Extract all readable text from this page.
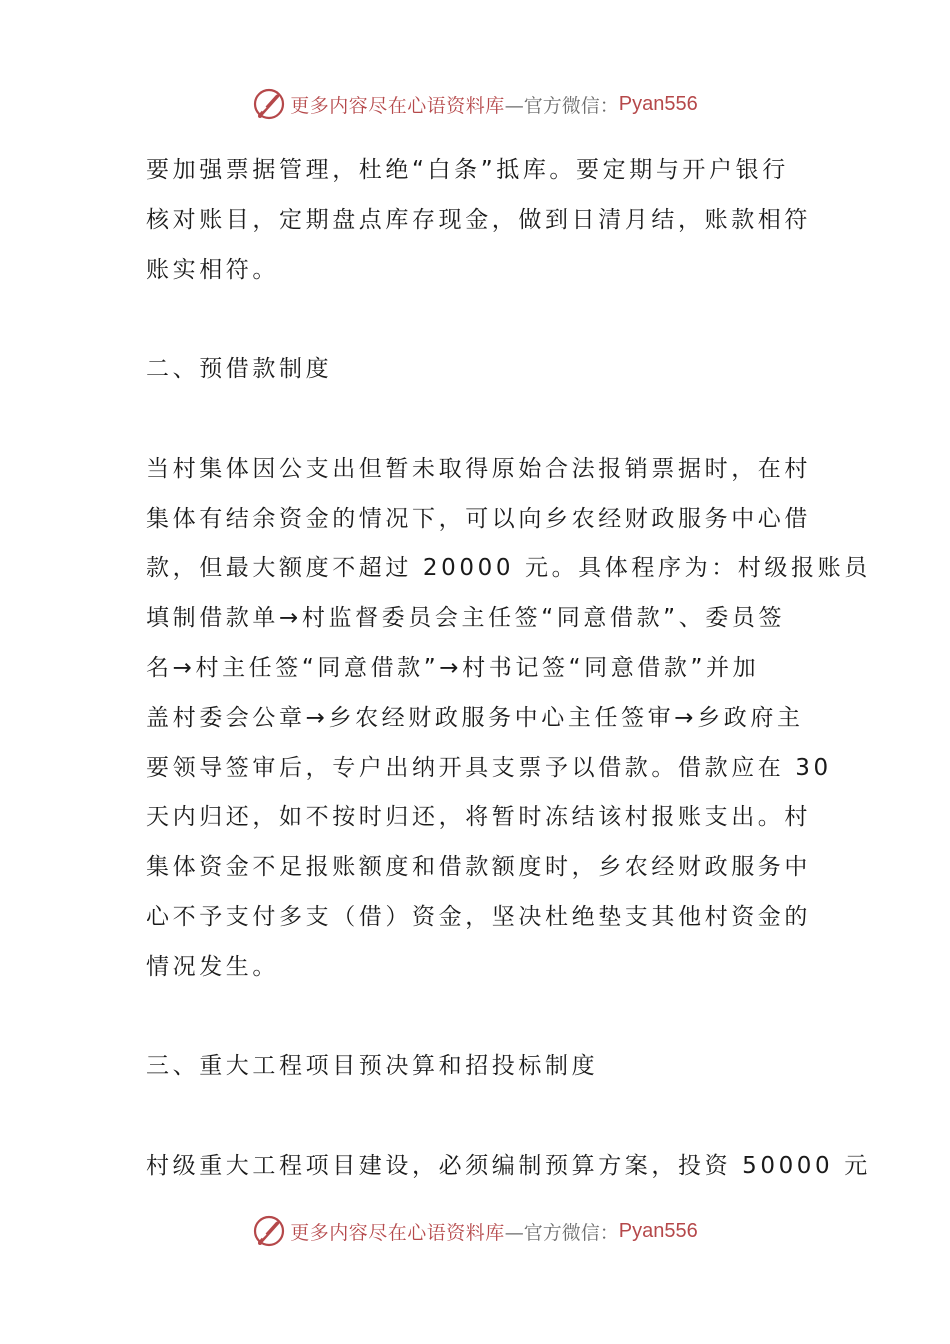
更多内容尽在心语资料库 —官方微信： Pyan556

要加强票据管理，杜绝“白条”抵库。要定期与开户银行
核对账目，定期盘点库存现金，做到日清月结，账款相符
账实相符。

二、预借款制度

当村集体因公支出但暂未取得原始合法报销票据时，在村
集体有结余资金的情况下，可以向乡农经财政服务中心借
款，但最大额度不超过 20000 元。具体程序为：村级报账员
填制借款单→村监督委员会主任签“同意借款”、委员签
名→村主任签“同意借款”→村书记签“同意借款”并加
盖村委会公章→乡农经财政服务中心主任签审→乡政府主
要领导签审后，专户出纳开具支票予以借款。借款应在 30
天内归还，如不按时归还，将暂时冻结该村报账支出。村
集体资金不足报账额度和借款额度时，乡农经财政服务中
心不予支付多支（借）资金，坚决杜绝垫支其他村资金的
情况发生。

三、重大工程项目预决算和招投标制度

村级重大工程项目建设，必须编制预算方案，投资 50000 元

更多内容尽在心语资料库 —官方微信： Pyan556
